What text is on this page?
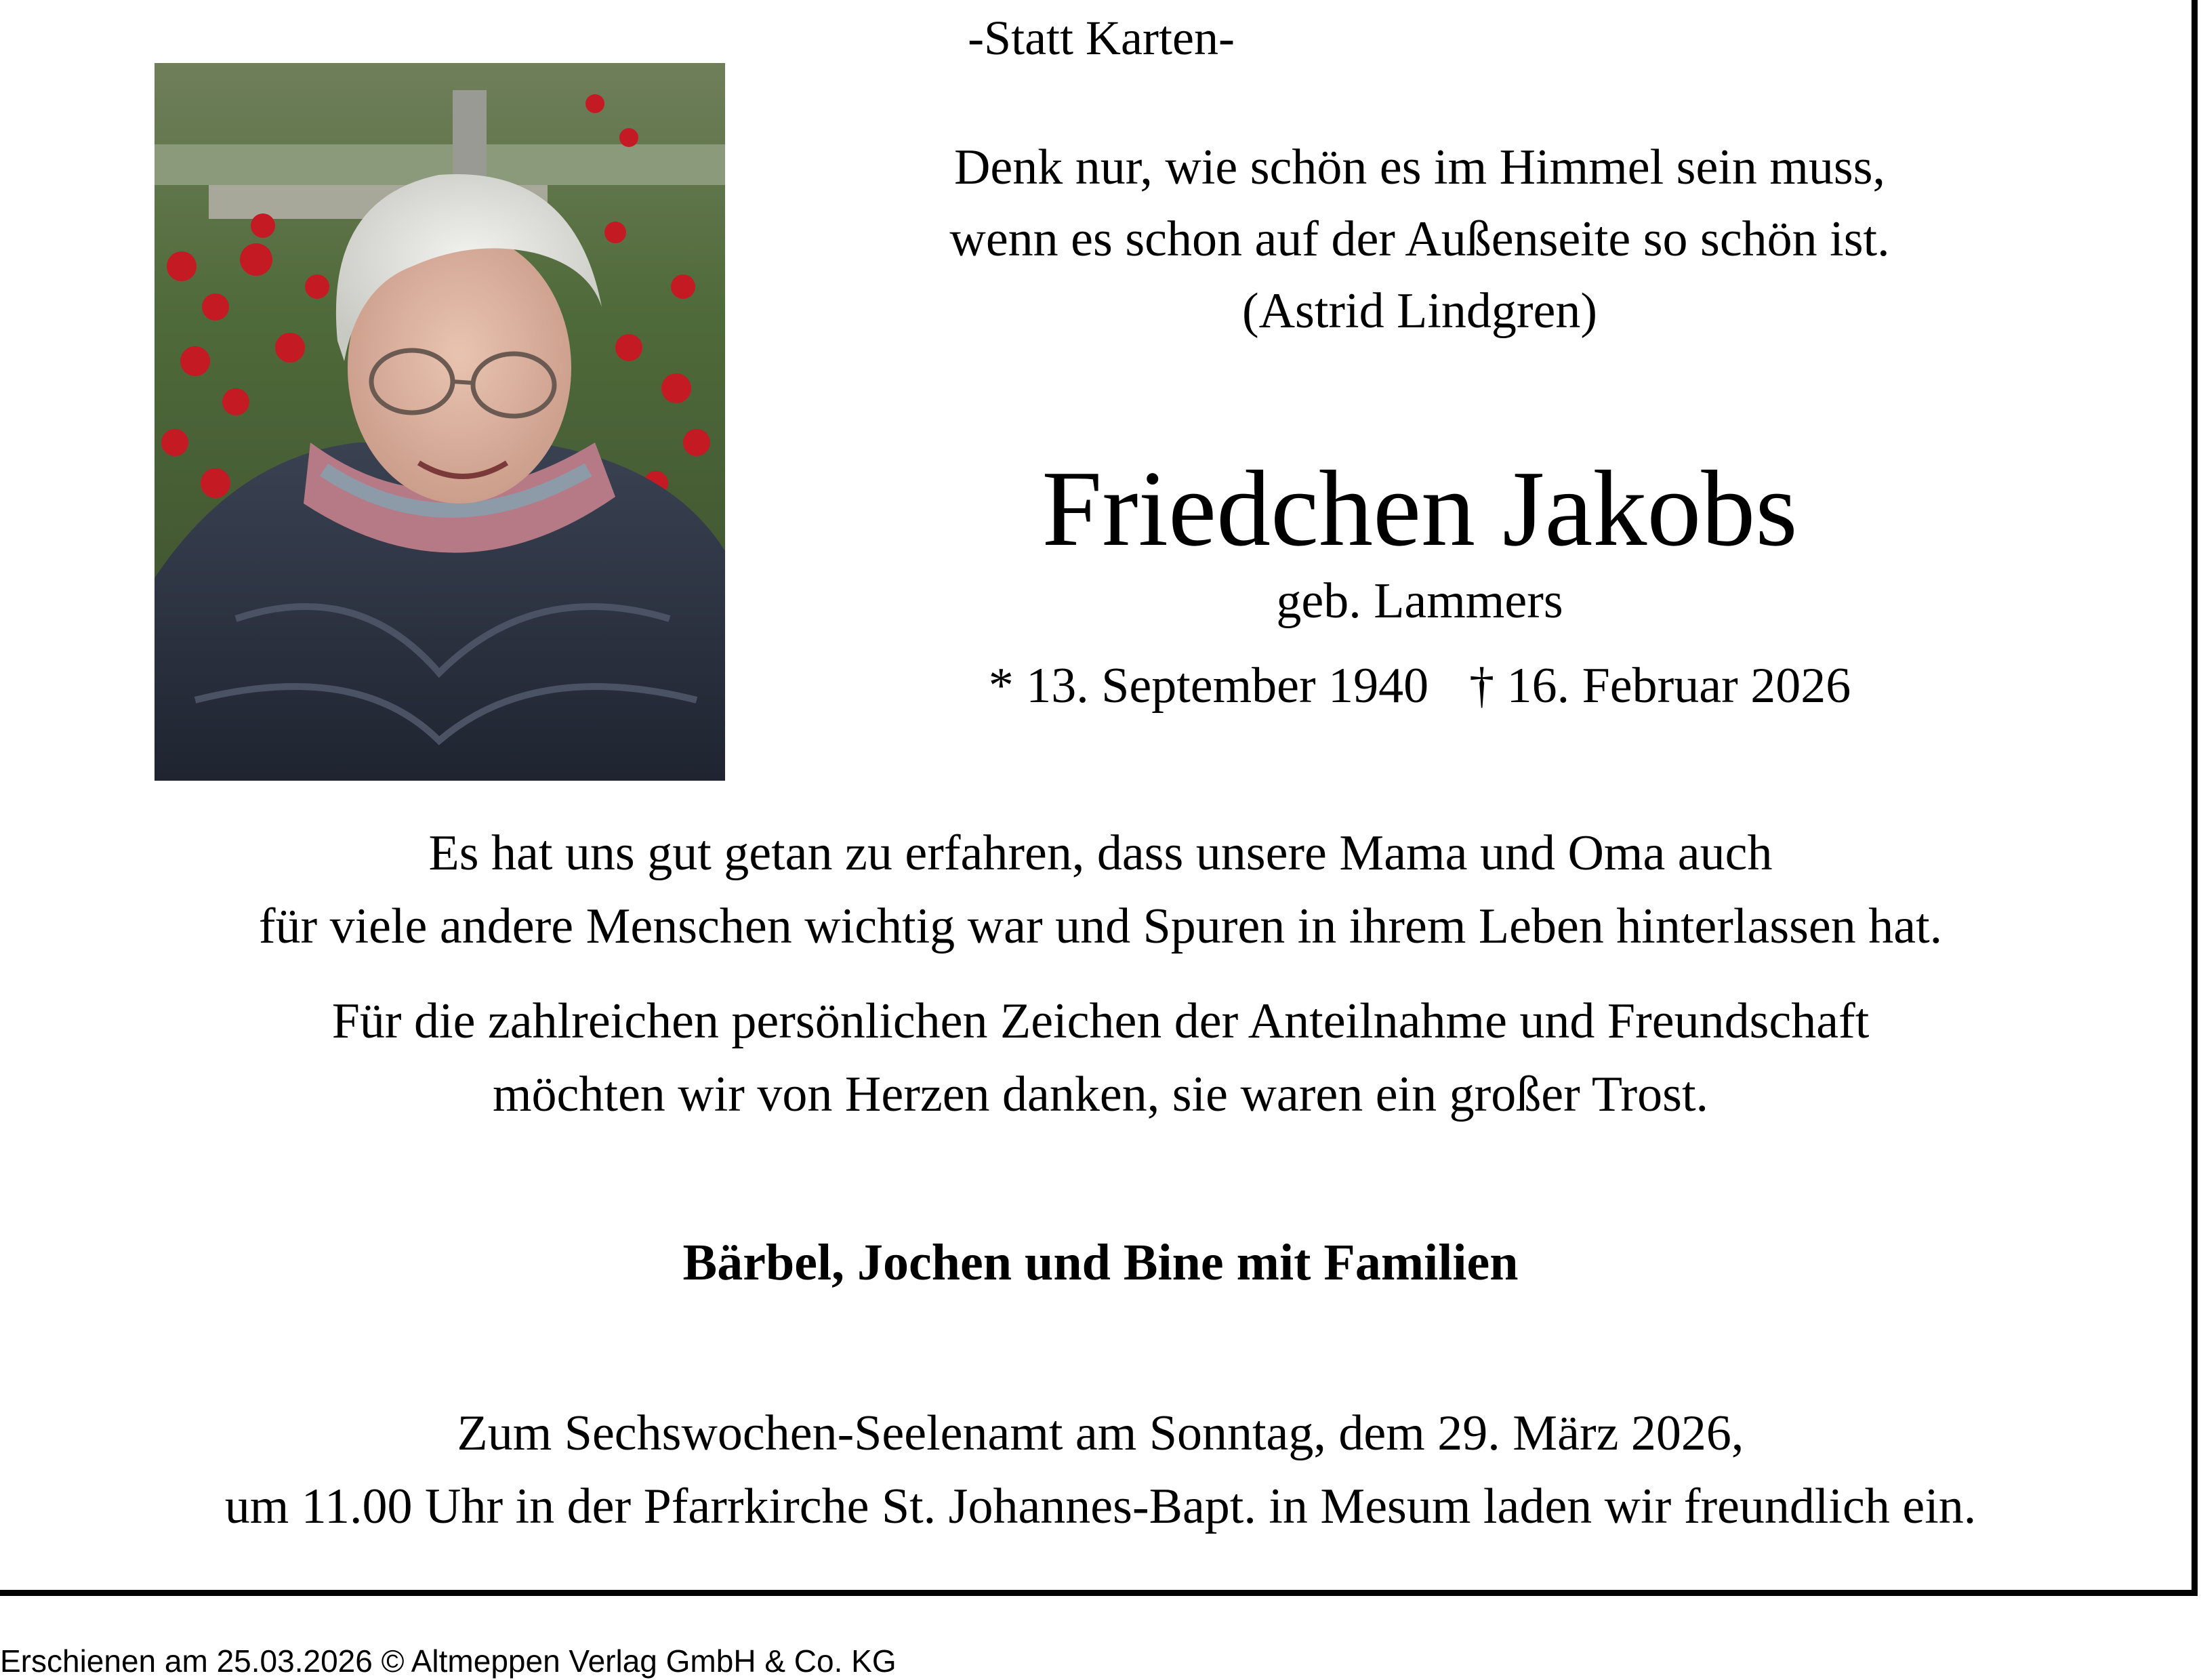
-Statt Karten-
Denk nur, wie schön es im Himmel sein muss,
wenn es schon auf der Außenseite so schön ist.
(Astrid Lindgren)
Friedchen Jakobs
geb. Lammers
* 13. September 1940 † 16. Februar 2026
Es hat uns gut getan zu erfahren, dass unsere Mama und Oma auch
für viele andere Menschen wichtig war und Spuren in ihrem Leben hinterlassen hat.
Für die zahlreichen persönlichen Zeichen der Anteilnahme und Freundschaft
möchten wir von Herzen danken, sie waren ein großer Trost.
Bärbel, Jochen und Bine mit Familien
Zum Sechswochen-Seelenamt am Sonntag, dem 29. März 2026,
um 11.00 Uhr in der Pfarrkirche St. Johannes-Bapt. in Mesum laden wir freundlich ein.
Erschienen am 25.03.2026 © Altmeppen Verlag GmbH & Co. KG
